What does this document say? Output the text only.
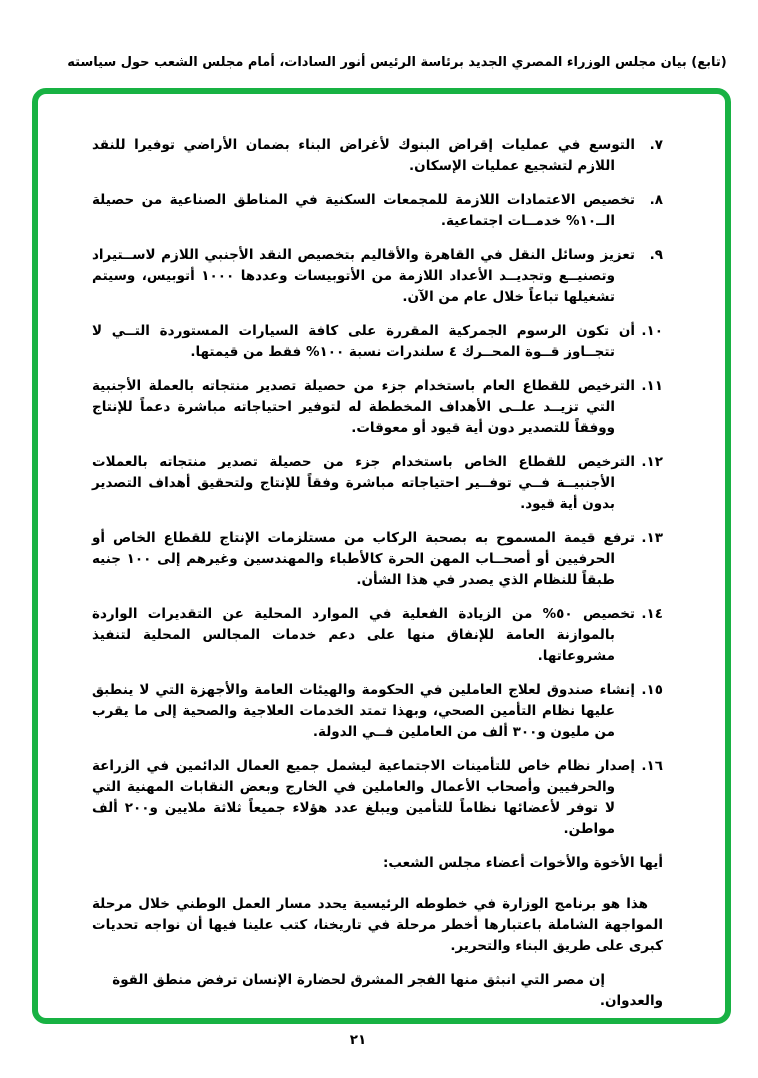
(تابع) بيان مجلس الوزراء المصري الجديد برئاسة الرئيس أنور السادات، أمام مجلس الشعب حول سياسته
٧.
التوسع في عمليات إقراض البنوك لأغراض البناء بضمان الأراضي توفيرا للنقد اللازم لتشجيع عمليات الإسكان.
٨.
تخصيص الاعتمادات اللازمة للمجمعات السكنية في المناطق الصناعية من حصيلة الــ١٠% خدمــات اجتماعية.
٩.
تعزيز وسائل النقل في القاهرة والأقاليم بتخصيص النقد الأجنبي اللازم لاســتيراد وتصنيــع وتجديــد الأعداد اللازمة من الأتوبيسات وعددها ١٠٠٠ أتوبيس، وسيتم تشغيلها تباعاً خلال عام من الآن.
١٠.
أن تكون الرسوم الجمركية المقررة على كافة السيارات المستوردة التــي لا تتجــاوز قــوة المحــرك ٤ سلندرات نسبة ١٠٠% فقط من قيمتها.
١١.
الترخيص للقطاع العام باستخدام جزء من حصيلة تصدير منتجاته بالعملة الأجنبية التي تزيــد علــى الأهداف المخططة له لتوفير احتياجاته مباشرة دعماً للإنتاج ووفقاً للتصدير دون أية قيود أو معوقات.
١٢.
الترخيص للقطاع الخاص باستخدام جزء من حصيلة تصدير منتجاته بالعملات الأجنبيــة فــي توفــير احتياجاته مباشرة وفقاً للإنتاج ولتحقيق أهداف التصدير بدون أية قيود.
١٣.
ترفع قيمة المسموح به بصحبة الركاب من مستلزمات الإنتاج للقطاع الخاص أو الحرفيين أو أصحــاب المهن الحرة كالأطباء والمهندسين وغيرهم إلى ١٠٠ جنيه طبقاً للنظام الذي يصدر في هذا الشأن.
١٤.
تخصيص ٥٠% من الزيادة الفعلية في الموارد المحلية عن التقديرات الواردة بالموازنة العامة للإنفاق منها على دعم خدمات المجالس المحلية لتنفيذ مشروعاتها.
١٥.
إنشاء صندوق لعلاج العاملين في الحكومة والهيئات العامة والأجهزة التي لا ينطبق عليها نظام التأمين الصحي، وبهذا تمتد الخدمات العلاجية والصحية إلى ما يقرب من مليون و٣٠٠ ألف من العاملين فــي الدولة.
١٦.
إصدار نظام خاص للتأمينات الاجتماعية ليشمل جميع العمال الدائمين في الزراعة والحرفيين وأصحاب الأعمال والعاملين في الخارج وبعض النقابات المهنية التي لا توفر لأعضائها نظاماً للتأمين ويبلغ عدد هؤلاء جميعاً ثلاثة ملايين و٢٠٠ ألف مواطن.
أيها الأخوة والأخوات أعضاء مجلس الشعب:
هذا هو برنامج الوزارة في خطوطه الرئيسية يحدد مسار العمل الوطني خلال مرحلة المواجهة الشاملة باعتبارها أخطر مرحلة في تاريخنا، كتب علينا فيها أن نواجه تحديات كبرى على طريق البناء والتحرير.
إن مصر التي انبثق منها الفجر المشرق لحضارة الإنسان ترفض منطق القوة والعدوان.
٢١
